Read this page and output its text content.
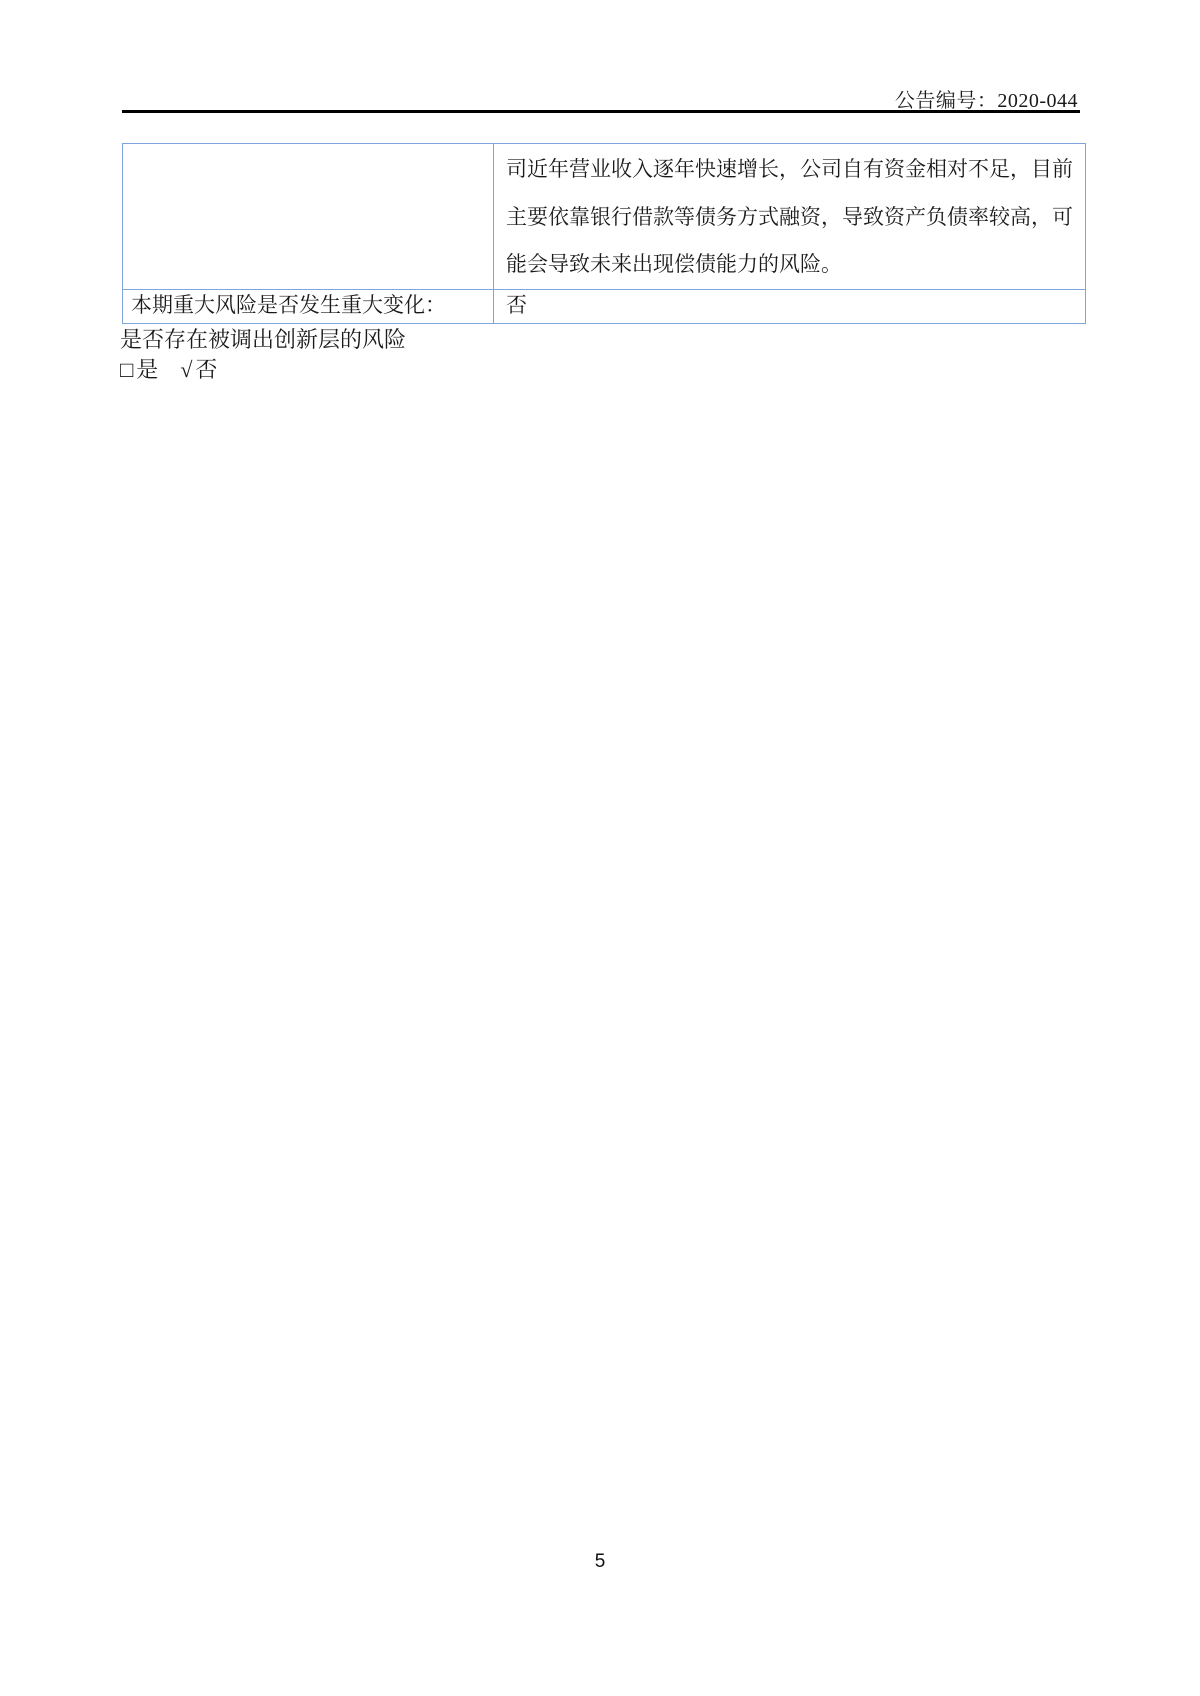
公告编号：2020-044

	司近年营业收入逐年快速增长，公司自有资金相对不足，目前
主要依靠银行借款等债务方式融资，导致资产负债率较高，可
能会导致未来出现偿债能力的风险。

本期重大风险是否发生重大变化：	否
是否存在被调出创新层的风险
□ 是 √ 否
5
